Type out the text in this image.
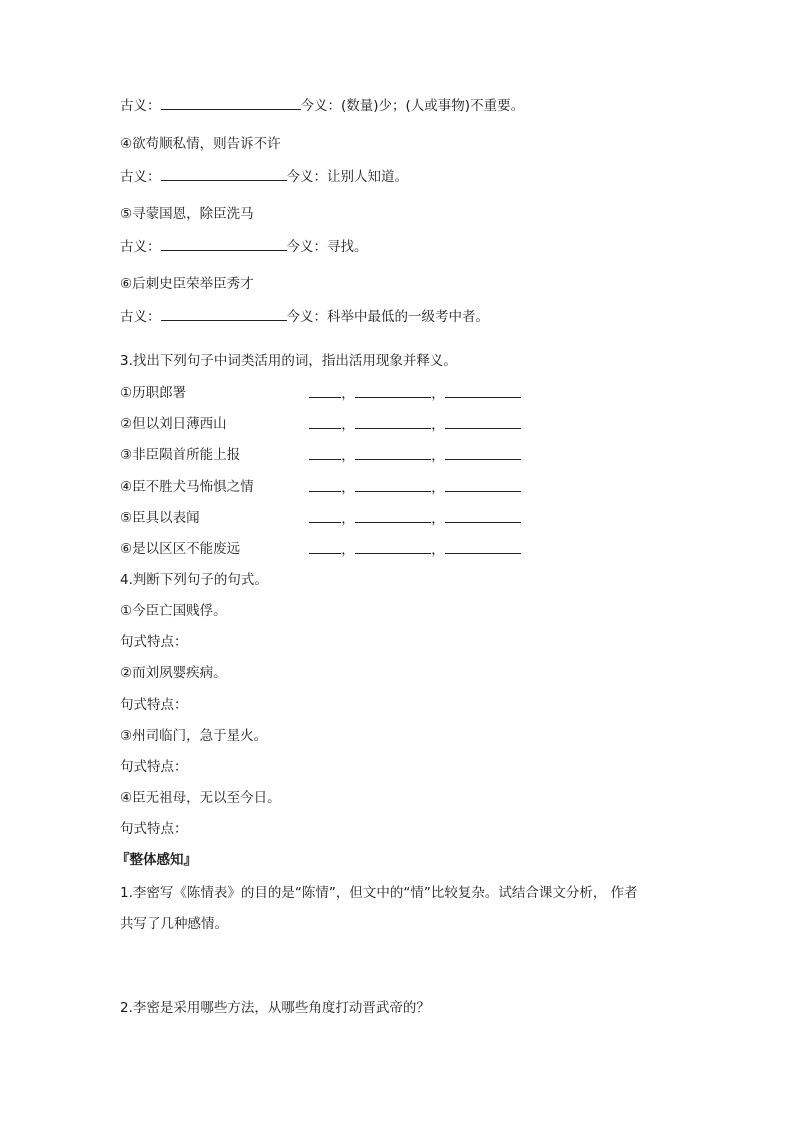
古义：	今义：(数量)少；(人或事物)不重要。
④欲苟顺私情，则告诉不许
古义：	今义：让别人知道。
⑤寻蒙国恩，除臣洗马
古义：	今义：寻找。
⑥后刺史臣荣举臣秀才
古义：	今义：科举中最低的一级考中者。
3.找出下列句子中词类活用的词，指出活用现象并释义。
①历职郎署	，	，
②但以刘日薄西山	，	，
③非臣陨首所能上报	，	，
④臣不胜犬马怖惧之情	，	，
⑤臣具以表闻	，	，
⑥是以区区不能废远	，	，
4.判断下列句子的句式。
①今臣亡国贱俘。
句式特点：
②而刘夙婴疾病。
句式特点：
③州司临门，急于星火。
句式特点：
④臣无祖母，无以至今日。
句式特点：
『整体感知』
1.李密写《陈情表》的目的是“陈情”，但文中的“情”比较复杂。试结合课文分析， 作者
共写了几种感情。
2.李密是采用哪些方法，从哪些角度打动晋武帝的？
